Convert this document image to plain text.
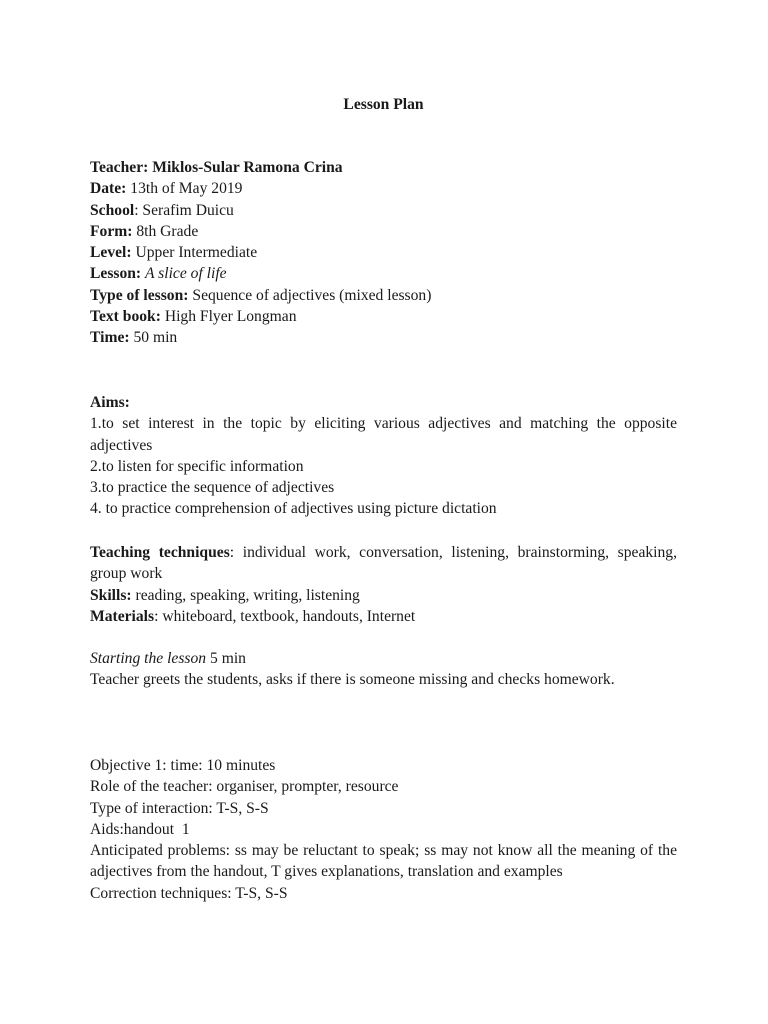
Lesson Plan
Teacher: Miklos-Sular Ramona Crina
Date: 13th of May 2019
School: Serafim Duicu
Form: 8th Grade
Level: Upper Intermediate
Lesson: A slice of life
Type of lesson: Sequence of adjectives (mixed lesson)
Text book: High Flyer Longman
Time: 50 min
Aims:
1.to set interest in the topic by eliciting various adjectives and matching the opposite adjectives
2.to listen for specific information
3.to practice the sequence of adjectives
4. to practice comprehension of adjectives using picture dictation
Teaching techniques: individual work, conversation, listening, brainstorming, speaking, group work
Skills: reading, speaking, writing, listening
Materials: whiteboard, textbook, handouts, Internet
Starting the lesson 5 min
Teacher greets the students, asks if there is someone missing and checks homework.
Objective 1: time: 10 minutes
Role of the teacher: organiser, prompter, resource
Type of interaction: T-S, S-S
Aids:handout  1
Anticipated problems: ss may be reluctant to speak; ss may not know all the meaning of the adjectives from the handout, T gives explanations, translation and examples
Correction techniques: T-S, S-S
